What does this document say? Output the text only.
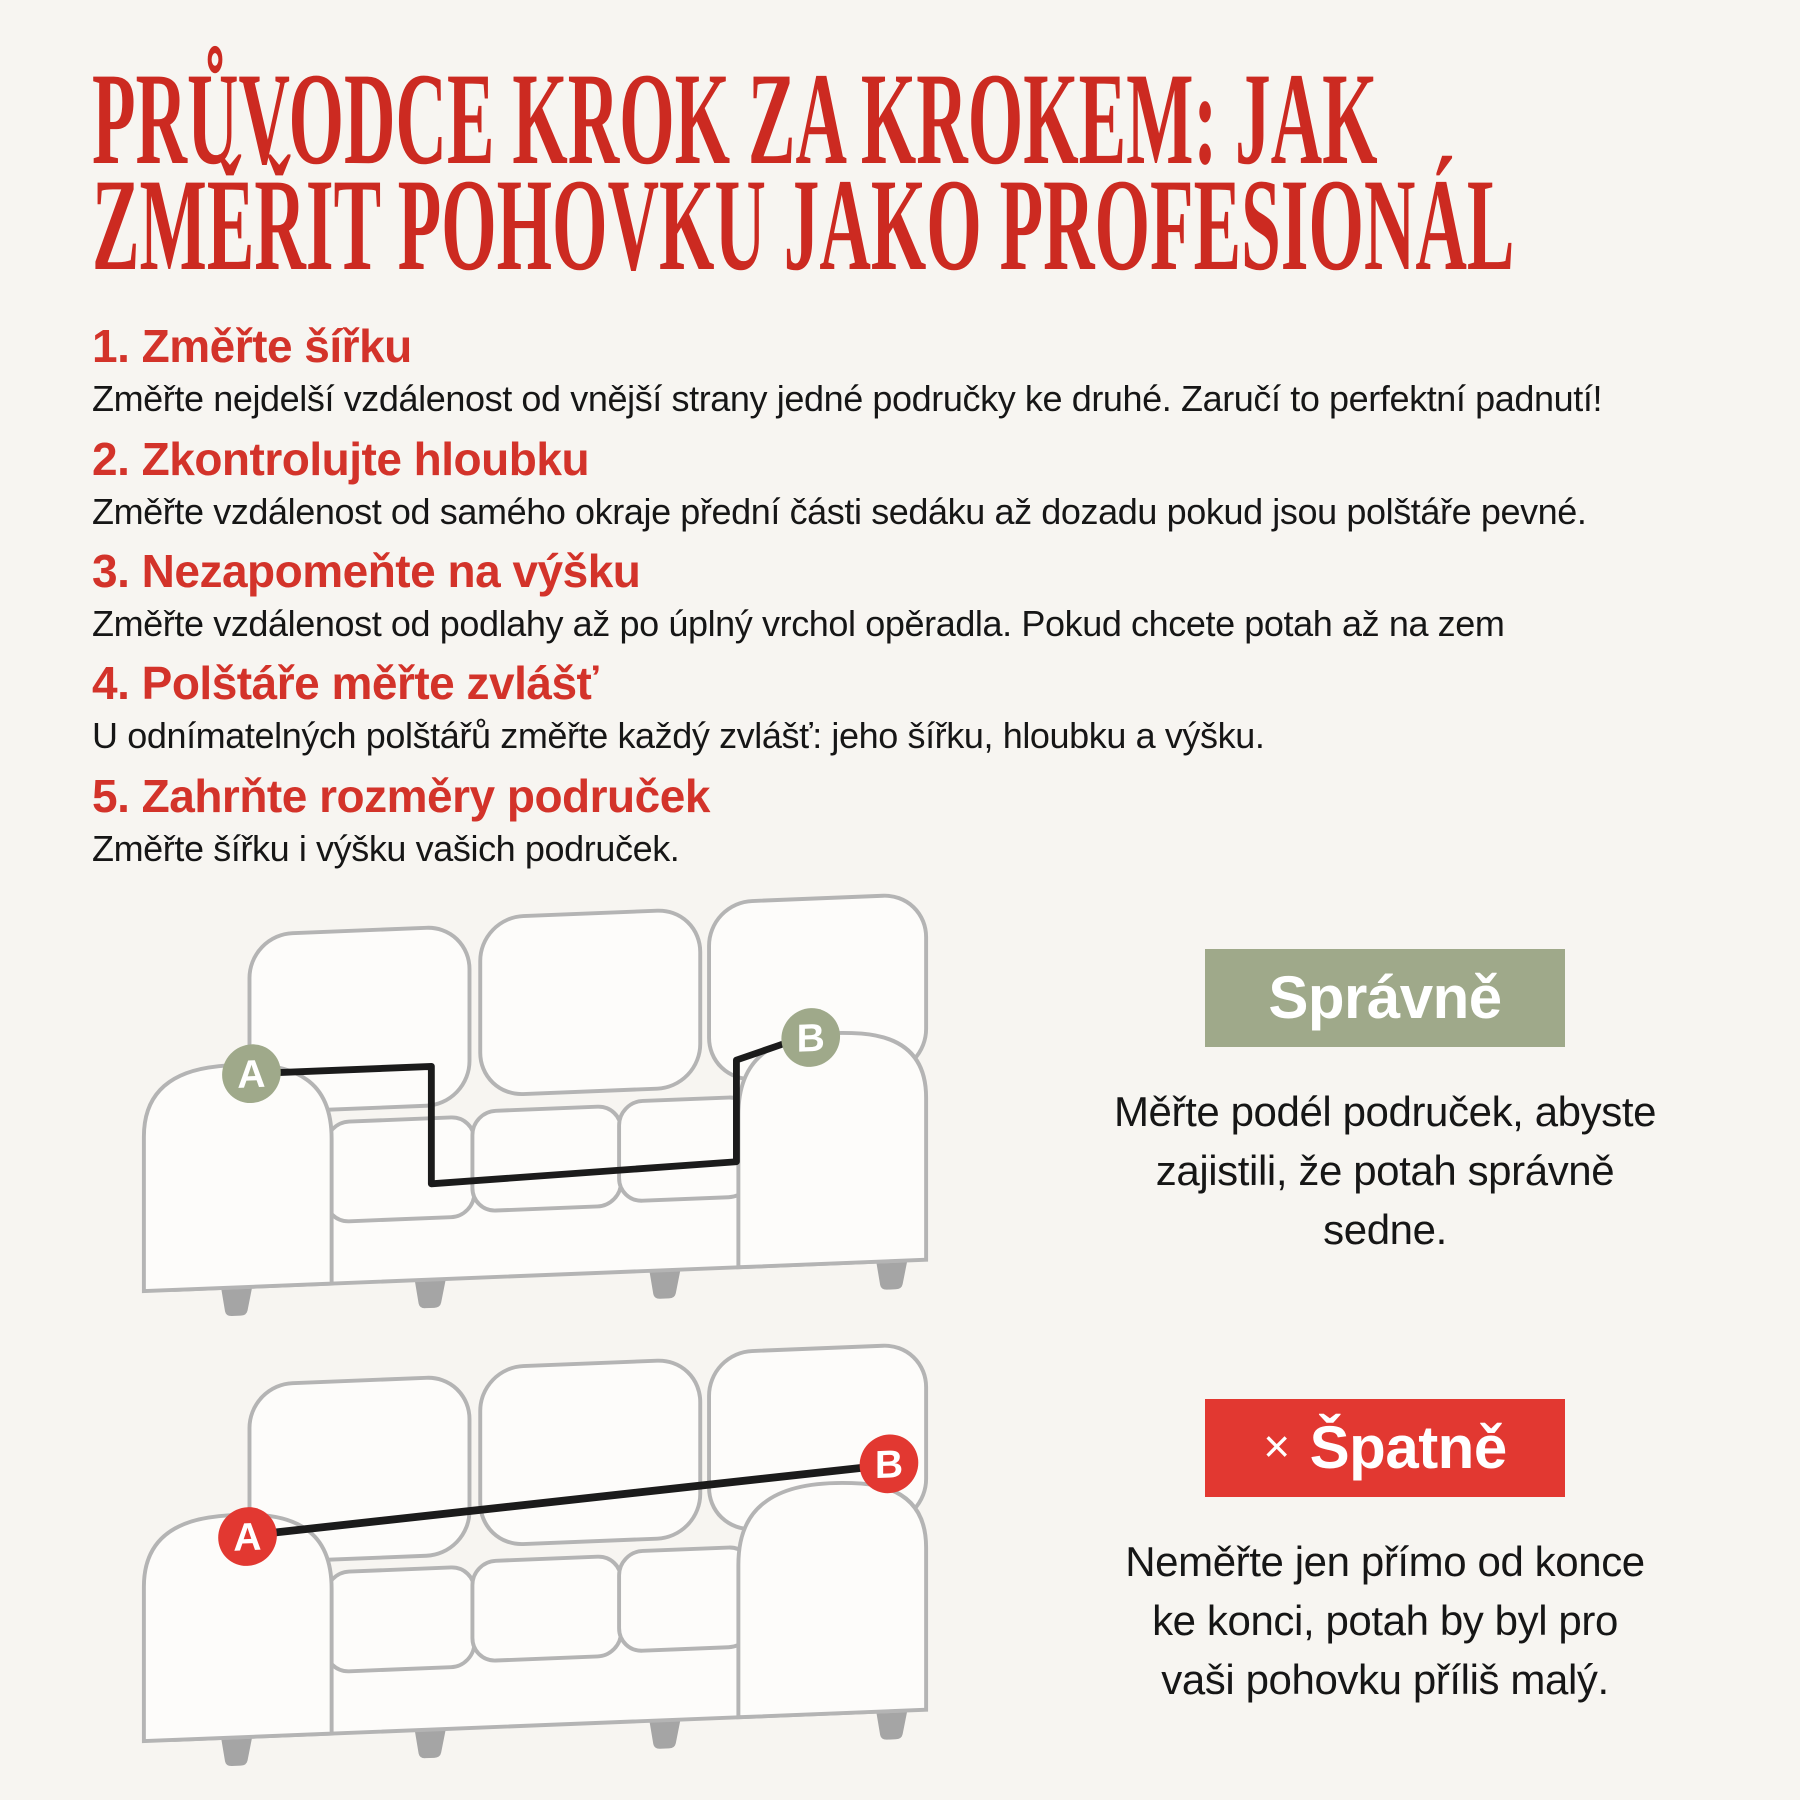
PRŮVODCE KROK ZA KROKEM: JAK
ZMĚŘIT POHOVKU JAKO PROFESIONÁL
1. Změřte šířku

Změřte nejdelší vzdálenost od vnější strany jedné područky ke druhé. Zaručí to perfektní padnutí!

2. Zkontrolujte hloubku

Změřte vzdálenost od samého okraje přední části sedáku až dozadu pokud jsou polštáře pevné.

3. Nezapomeňte na výšku

Změřte vzdálenost od podlahy až po úplný vrchol opěradla. Pokud chcete potah až na zem

4. Polštáře měřte zvlášť

U odnímatelných polštářů změřte každý zvlášť: jeho šířku, hloubku a výšku.

5. Zahrňte rozměry područek

Změřte šířku i výšku vašich područek.

A
B
Správně

Měřte podél područek, abyste zajistili, že potah správně sedne.

A
B	× Špatně

Neměřte jen přímo od konce ke konci, potah by byl pro vaši pohovku příliš malý.
